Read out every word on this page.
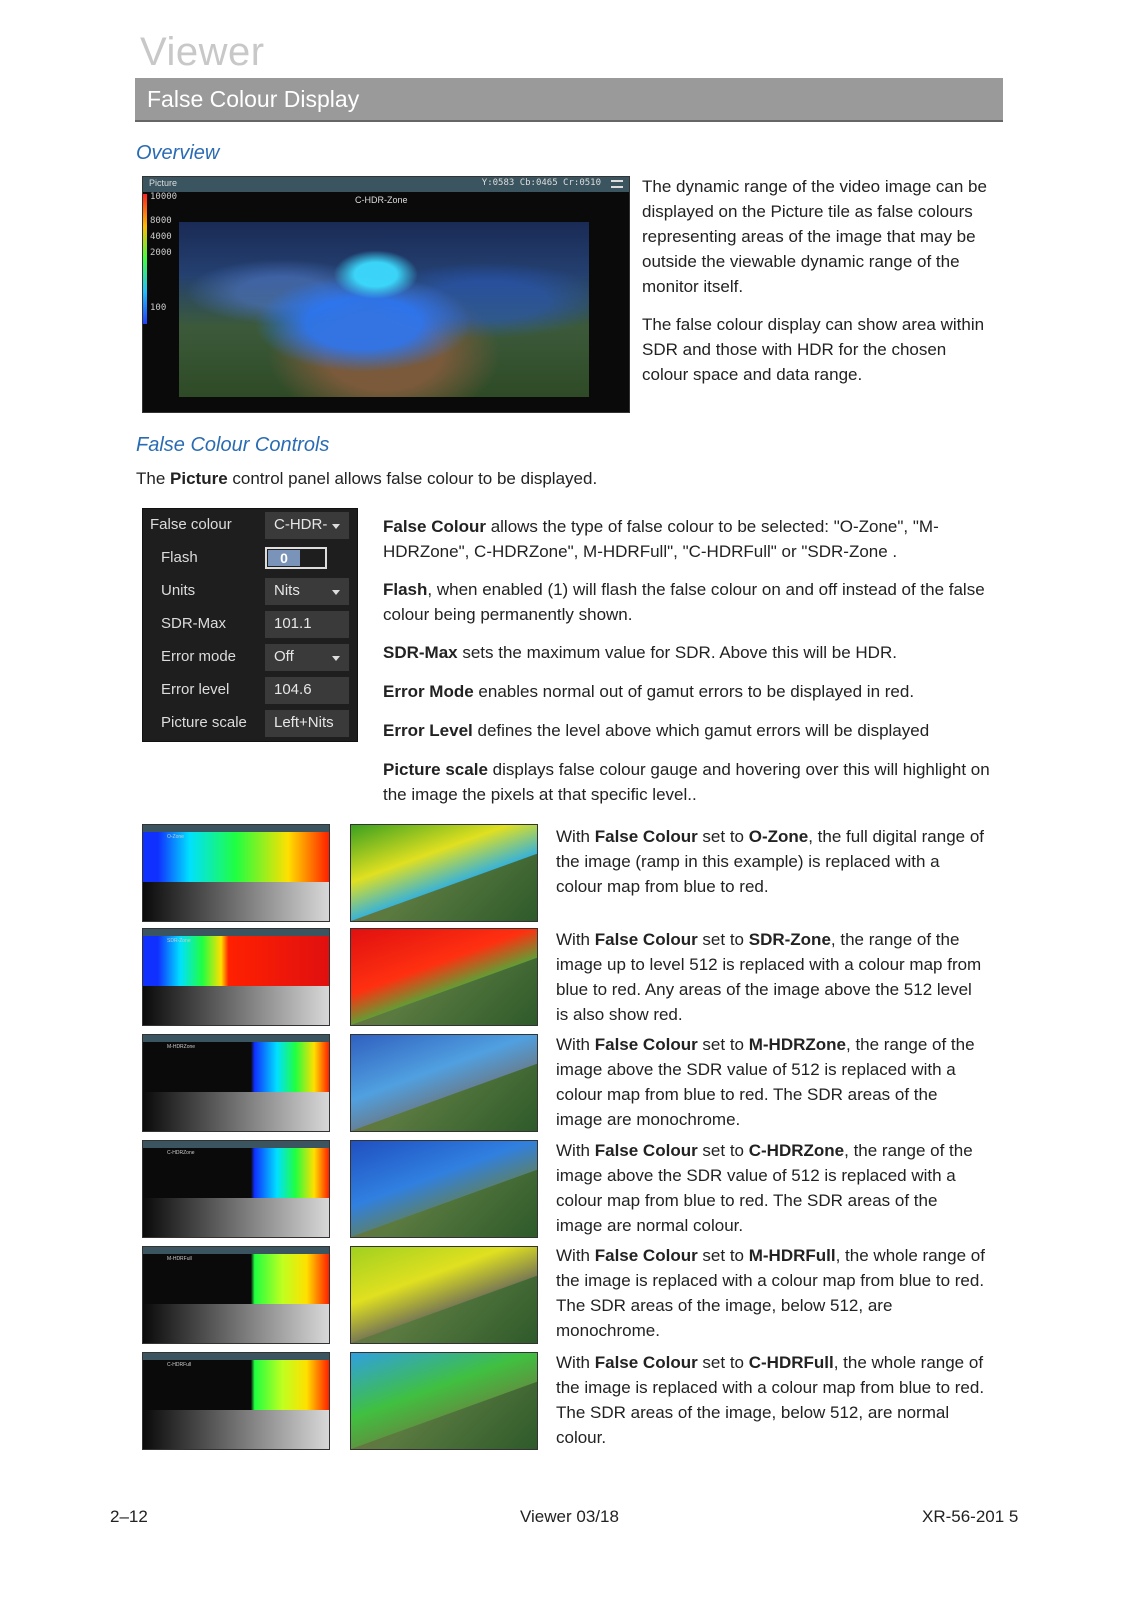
Viewer
False Colour Display
Overview
Picture	Y:0583 Cb:0465 Cr:0510
10000
8000
4000
2000
100
C-HDR-Zone
The dynamic range of the video image can be displayed on the Picture tile as false colours representing areas of the image that may be outside the viewable dynamic range of the monitor itself.
The false colour display can show area within SDR and those with HDR for the chosen colour space and data range.
False Colour Controls
The Picture control panel allows false colour to be displayed.
False colour	C-HDR-
Flash	0
Units	Nits
SDR-Max	101.1
Error mode	Off
Error level	104.6
Picture scale	Left+Nits
False Colour allows the type of false colour to be selected: "O-Zone", "M-HDRZone", C-HDRZone", M-HDRFull", "C-HDRFull" or "SDR-Zone .
Flash, when enabled (1) will flash the false colour on and off instead of the false colour being permanently shown.
SDR-Max sets the maximum value for SDR. Above this will be HDR.
Error Mode enables normal out of gamut errors to be displayed in red.
Error Level defines the level above which gamut errors will be displayed
Picture scale displays false colour gauge and hovering over this will highlight on the image the pixels at that specific level..
O-Zone	With False Colour set to O-Zone, the full digital range of the image (ramp in this example) is replaced with a colour map from blue to red.
SDR-Zone	With False Colour set to SDR-Zone, the range of the image up to level 512 is replaced with a colour map from blue to red. Any areas of the image above the 512 level is also show red.
M-HDRZone	With False Colour set to M-HDRZone, the range of the image above the SDR value of 512 is replaced with a colour map from blue to red. The SDR areas of the image are monochrome.
C-HDRZone	With False Colour set to C-HDRZone, the range of the image above the SDR value of 512 is replaced with a colour map from blue to red. The SDR areas of the image are normal colour.
M-HDRFull	With False Colour set to M-HDRFull, the whole range of the image is replaced with a colour map from blue to red. The SDR areas of the image, below 512, are monochrome.
C-HDRFull	With False Colour set to C-HDRFull, the whole range of the image is replaced with a colour map from blue to red. The SDR areas of the image, below 512, are normal colour.
2–12	Viewer 03/18	XR-56-201 5
